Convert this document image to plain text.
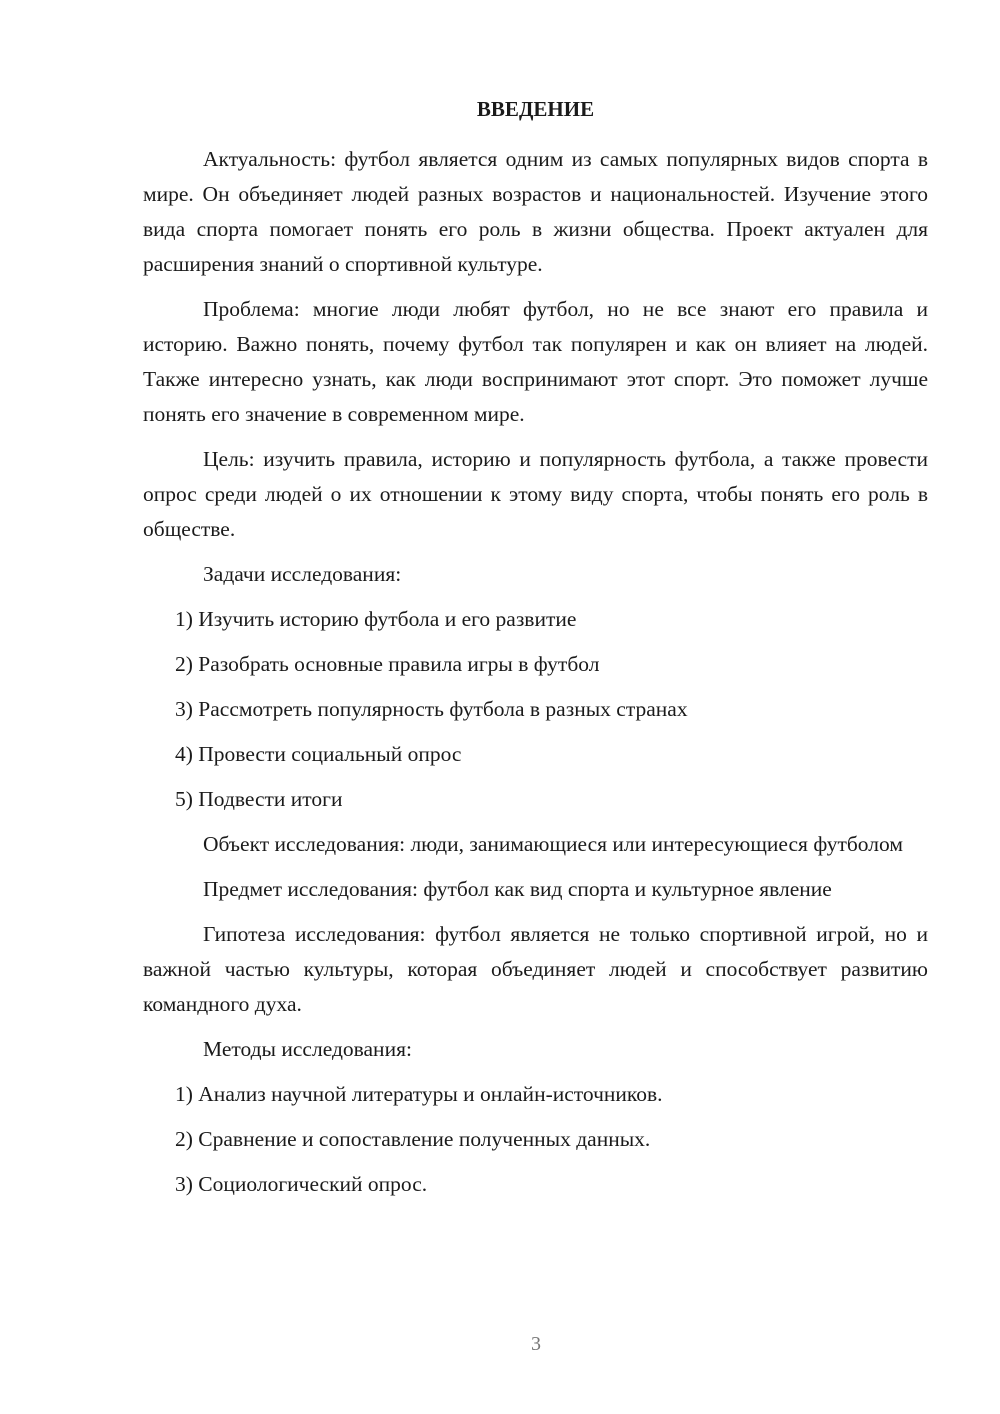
ВВЕДЕНИЕ

Актуальность: футбол является одним из самых популярных видов спорта в мире. Он объединяет людей разных возрастов и национальностей. Изучение этого вида спорта помогает понять его роль в жизни общества. Проект актуален для расширения знаний о спортивной культуре.

Проблема: многие люди любят футбол, но не все знают его правила и историю. Важно понять, почему футбол так популярен и как он влияет на людей. Также интересно узнать, как люди воспринимают этот спорт. Это поможет лучше понять его значение в современном мире.

Цель: изучить правила, историю и популярность футбола, а также провести опрос среди людей о их отношении к этому виду спорта, чтобы понять его роль в обществе.

Задачи исследования:

1) Изучить историю футбола и его развитие

2) Разобрать основные правила игры в футбол

3) Рассмотреть популярность футбола в разных странах

4) Провести социальный опрос

5) Подвести итоги

Объект исследования: люди, занимающиеся или интересующиеся футболом

Предмет исследования: футбол как вид спорта и культурное явление

Гипотеза исследования: футбол является не только спортивной игрой, но и важной частью культуры, которая объединяет людей и способствует развитию командного духа.

Методы исследования:

1) Анализ научной литературы и онлайн-источников.

2) Сравнение и сопоставление полученных данных.

3) Социологический опрос.

3
